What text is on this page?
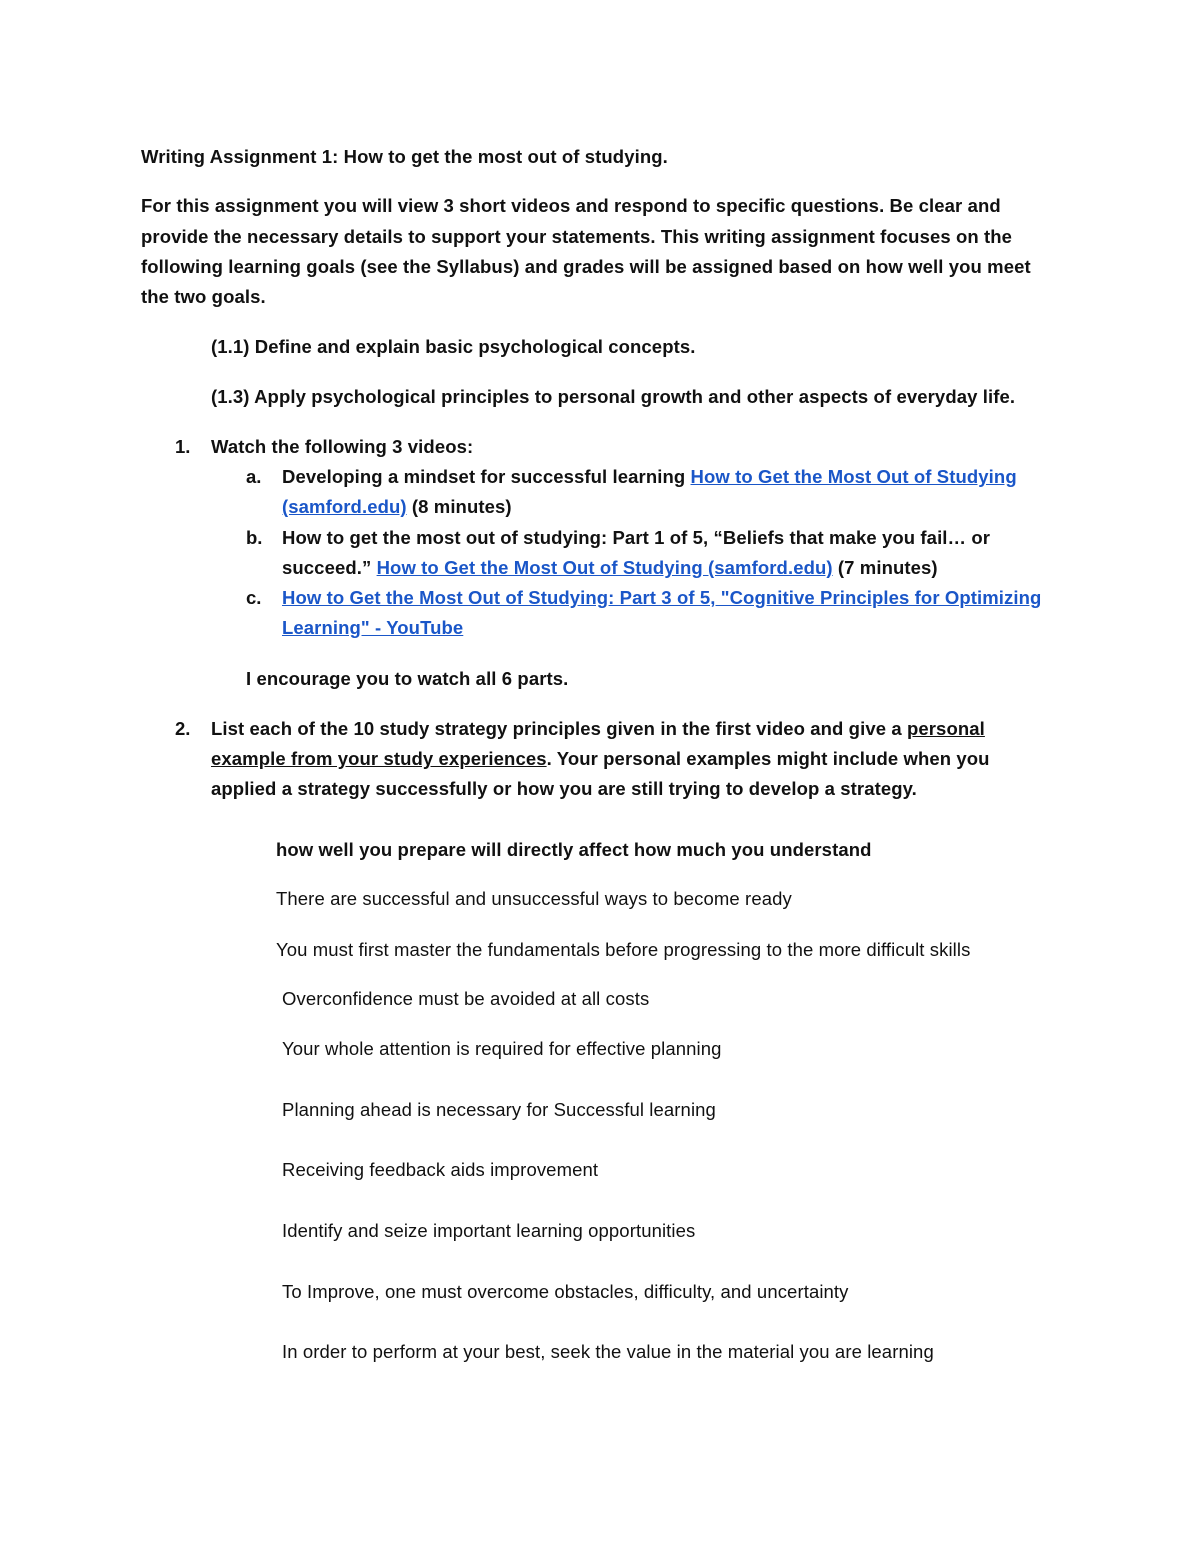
Writing Assignment 1: How to get the most out of studying.
For this assignment you will view 3 short videos and respond to specific questions. Be clear and
provide the necessary details to support your statements. This writing assignment focuses on the
following learning goals (see the Syllabus) and grades will be assigned based on how well you meet
the two goals.
(1.1) Define and explain basic psychological concepts.
(1.3) Apply psychological principles to personal growth and other aspects of everyday life.
1. Watch the following 3 videos:
a. Developing a mindset for successful learning How to Get the Most Out of Studying
(samford.edu) (8 minutes)
b. How to get the most out of studying: Part 1 of 5, “Beliefs that make you fail… or
succeed.” How to Get the Most Out of Studying (samford.edu) (7 minutes)
c. How to Get the Most Out of Studying: Part 3 of 5, "Cognitive Principles for Optimizing
Learning" - YouTube
I encourage you to watch all 6 parts.
2. List each of the 10 study strategy principles given in the first video and give a personal
example from your study experiences. Your personal examples might include when you
applied a strategy successfully or how you are still trying to develop a strategy.
how well you prepare will directly affect how much you understand
There are successful and unsuccessful ways to become ready
You must first master the fundamentals before progressing to the more difficult skills
Overconfidence must be avoided at all costs
Your whole attention is required for effective planning
Planning ahead is necessary for Successful learning
Receiving feedback aids improvement
Identify and seize important learning opportunities
To Improve, one must overcome obstacles, difficulty, and uncertainty
In order to perform at your best, seek the value in the material you are learning
